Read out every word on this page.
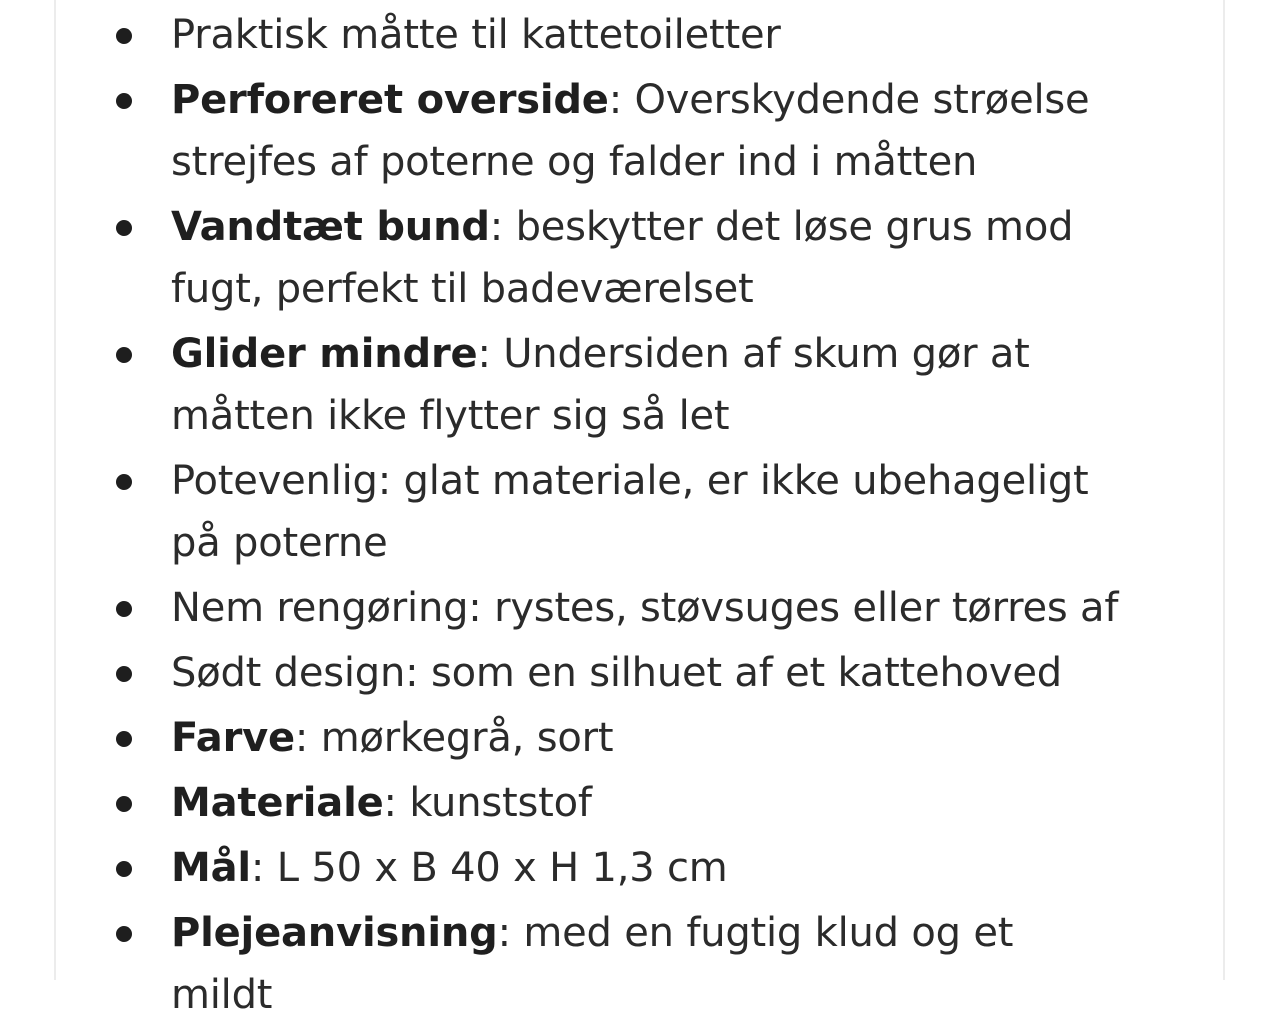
Praktisk måtte til kattetoiletter
Perforeret overside: Overskydende strøelse strejfes af poterne og falder ind i måtten
Vandtæt bund: beskytter det løse grus mod fugt, perfekt til badeværelset
Glider mindre: Undersiden af skum gør at måtten ikke flytter sig så let
Potevenlig: glat materiale, er ikke ubehageligt på poterne
Nem rengøring: rystes, støvsuges eller tørres af
Sødt design: som en silhuet af et kattehoved
Farve: mørkegrå, sort
Materiale: kunststof
Mål: L 50 x B 40 x H 1,3 cm
Plejeanvisning: med en fugtig klud og et mildt
